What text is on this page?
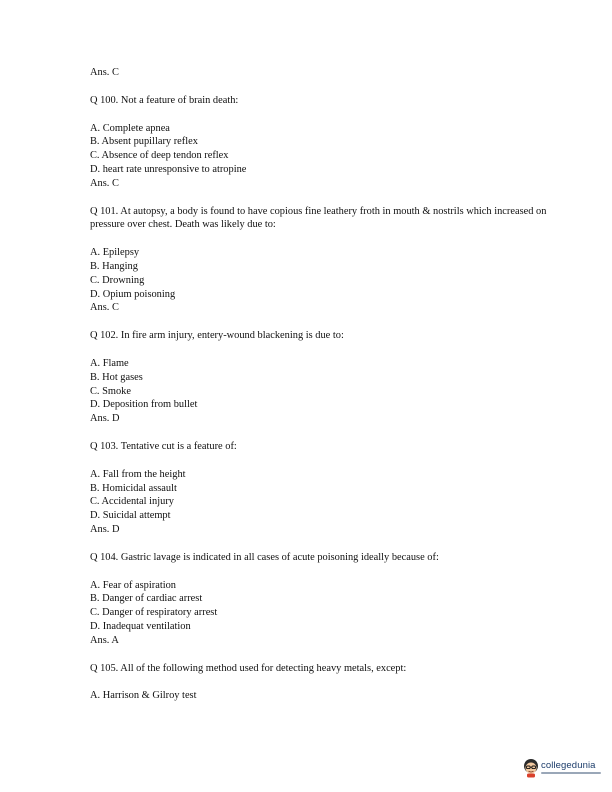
Ans. C
Q 100. Not a feature of brain death:
A. Complete apnea
B. Absent pupillary reflex
C. Absence of deep tendon reflex
D. heart rate unresponsive to atropine
Ans. C
Q 101. At autopsy, a body is found to have copious fine leathery froth in mouth & nostrils which increased on pressure over chest. Death was likely due to:
A. Epilepsy
B. Hanging
C. Drowning
D. Opium poisoning
Ans. C
Q 102. In fire arm injury, entery-wound blackening is due to:
A. Flame
B. Hot gases
C. Smoke
D. Deposition from bullet
Ans. D
Q 103. Tentative cut is a feature of:
A. Fall from the height
B. Homicidal assault
C. Accidental injury
D. Suicidal attempt
Ans. D
Q 104. Gastric lavage is indicated in all cases of acute poisoning ideally because of:
A. Fear of aspiration
B. Danger of cardiac arrest
C. Danger of respiratory arrest
D. Inadequat ventilation
Ans. A
Q 105. All of the following method used for detecting heavy metals, except:
A. Harrison & Gilroy test
collegedunia
